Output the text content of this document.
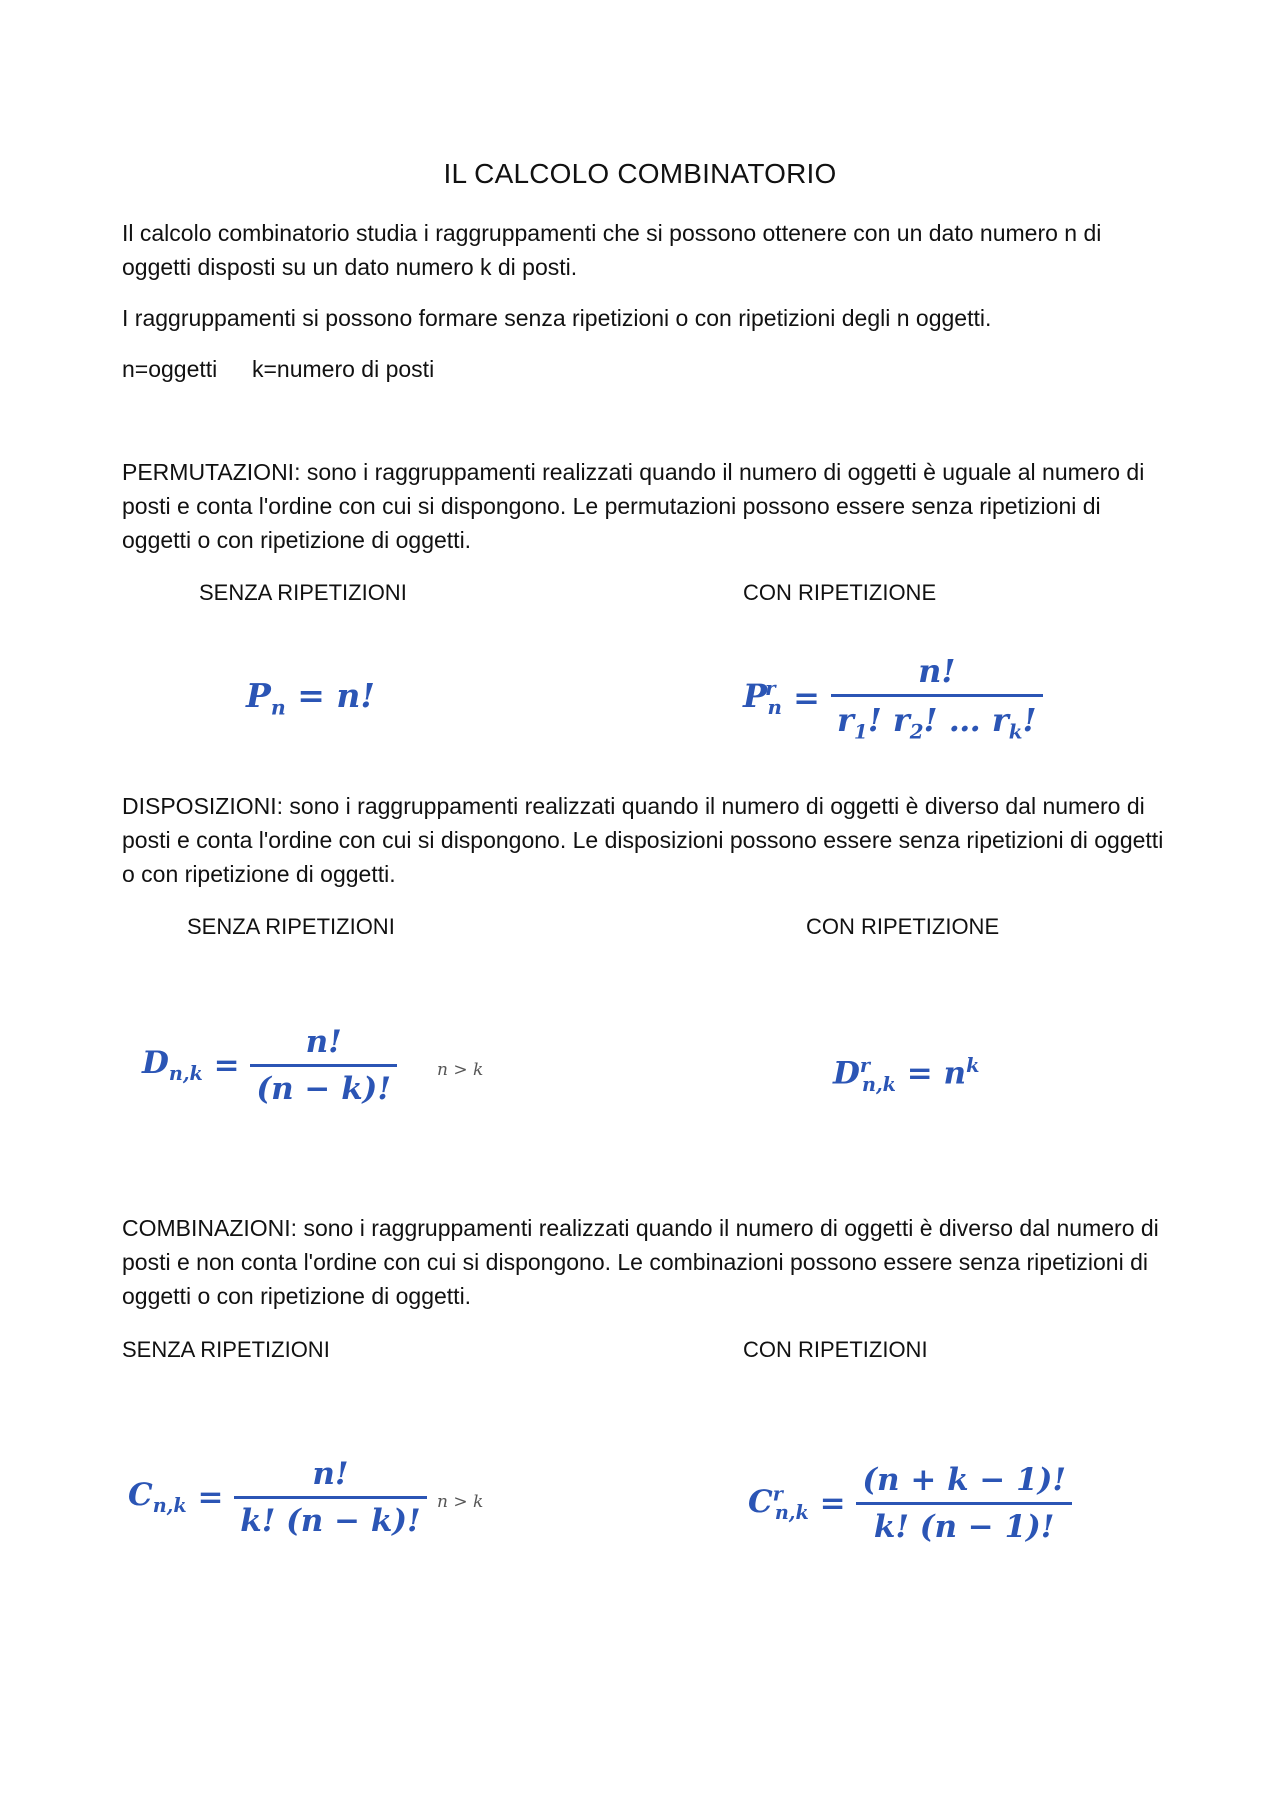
IL CALCOLO COMBINATORIO
Il calcolo combinatorio studia i raggruppamenti che si possono ottenere con un dato numero n di oggetti disposti su un dato numero k di posti.
I raggruppamenti si possono formare senza ripetizioni o con ripetizioni degli n oggetti.
n=oggetti k=numero di posti
PERMUTAZIONI: sono i raggruppamenti realizzati quando il numero di oggetti è uguale al numero di posti e conta l'ordine con cui si dispongono. Le permutazioni possono essere senza ripetizioni di oggetti o con ripetizione di oggetti.
SENZA RIPETIZIONI	CON RIPETIZIONE
$P_n = n$!	$P^r_n = \frac{n!}{r_1! r_2! \dots r_k!}$
DISPOSIZIONI: sono i raggruppamenti realizzati quando il numero di oggetti è diverso dal numero di posti e conta l'ordine con cui si dispongono. Le disposizioni possono essere senza ripetizioni di oggetti o con ripetizione di oggetti.
SENZA RIPETIZIONI	CON RIPETIZIONE
$D_{n,k} = \frac{n!}{(n - k)!}$ n > k	$D^r_{n,k} = n^k$
COMBINAZIONI: sono i raggruppamenti realizzati quando il numero di oggetti è diverso dal numero di posti e non conta l'ordine con cui si dispongono. Le combinazioni possono essere senza ripetizioni di oggetti o con ripetizione di oggetti.
SENZA RIPETIZIONI	CON RIPETIZIONI
$C_{n,k} = \frac{n!}{k! (n - k)!}$ n > k	$C^r_{n,k} = \frac{(n + k - 1)!}{k! (n - 1)!}$
